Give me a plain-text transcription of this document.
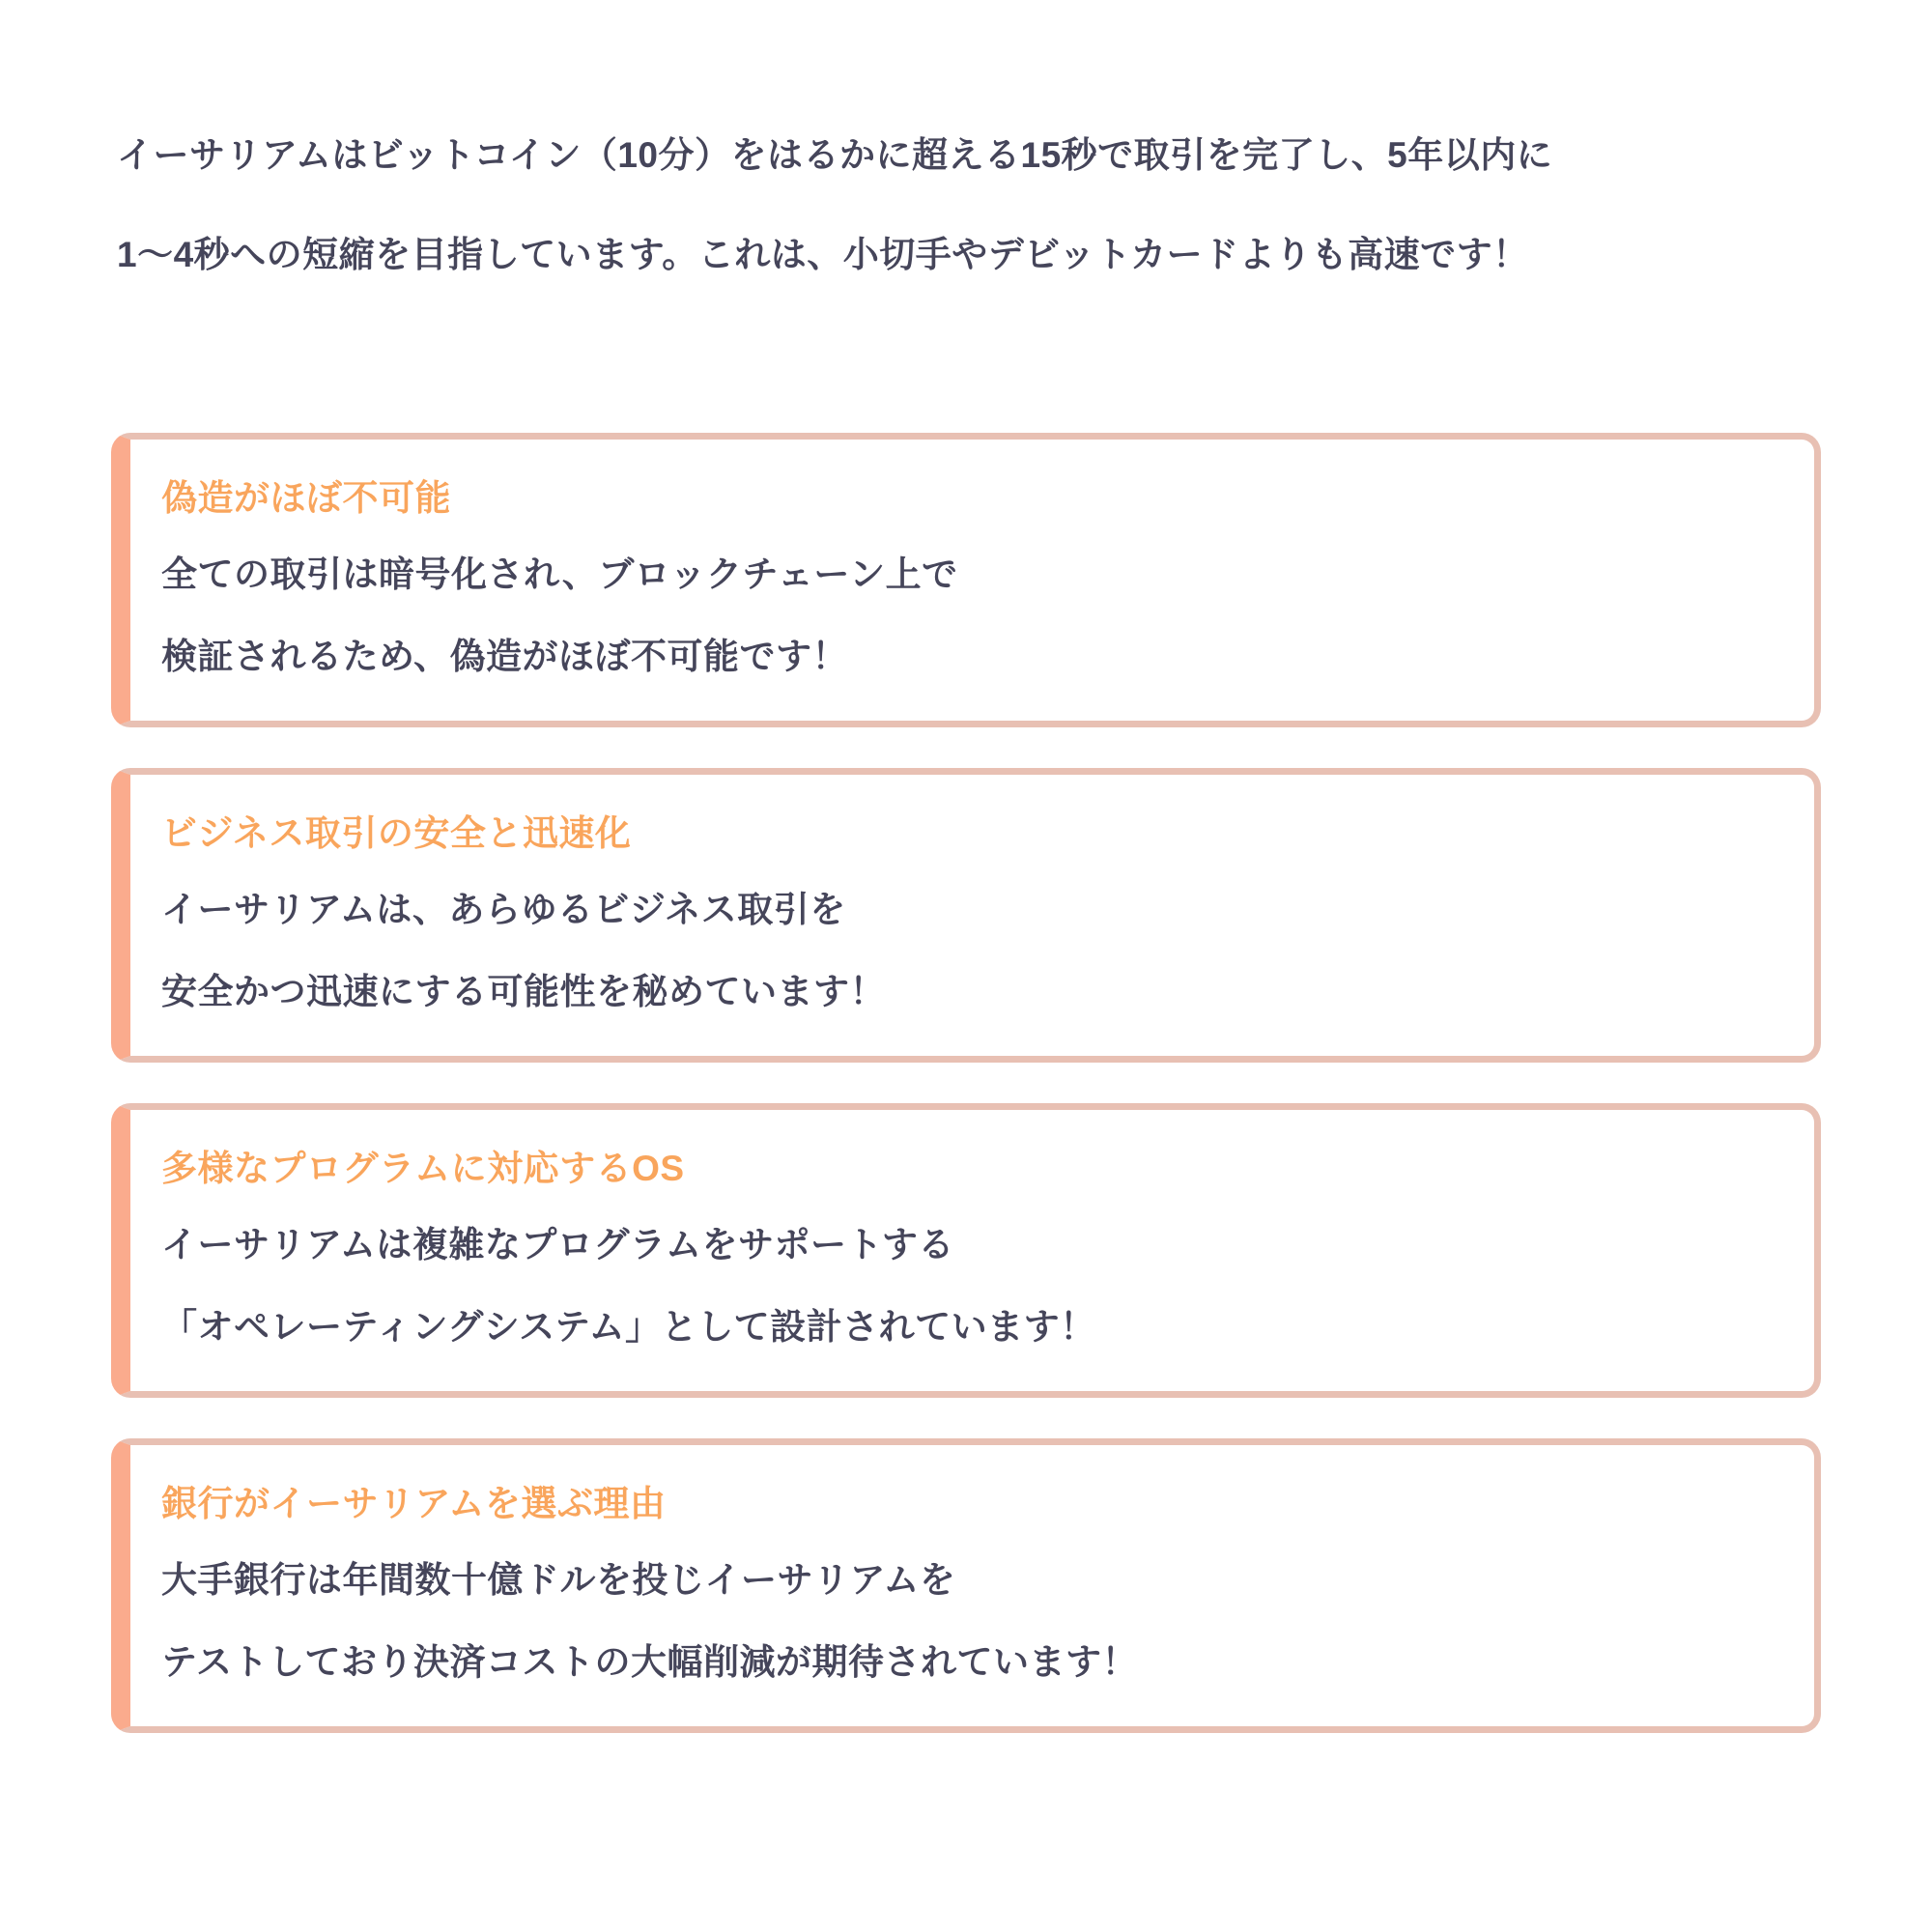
イーサリアムはビットコイン（10分）をはるかに超える15秒で取引を完了し、5年以内に

1〜4秒への短縮を目指しています。これは、小切手やデビットカードよりも高速です！

偽造がほぼ不可能

全ての取引は暗号化され、ブロックチェーン上で

検証されるため、偽造がほぼ不可能です！

ビジネス取引の安全と迅速化

イーサリアムは、あらゆるビジネス取引を

安全かつ迅速にする可能性を秘めています！

多様なプログラムに対応するOS

イーサリアムは複雑なプログラムをサポートする

「オペレーティングシステム」として設計されています！

銀行がイーサリアムを選ぶ理由

大手銀行は年間数十億ドルを投じイーサリアムを

テストしており決済コストの大幅削減が期待されています！
